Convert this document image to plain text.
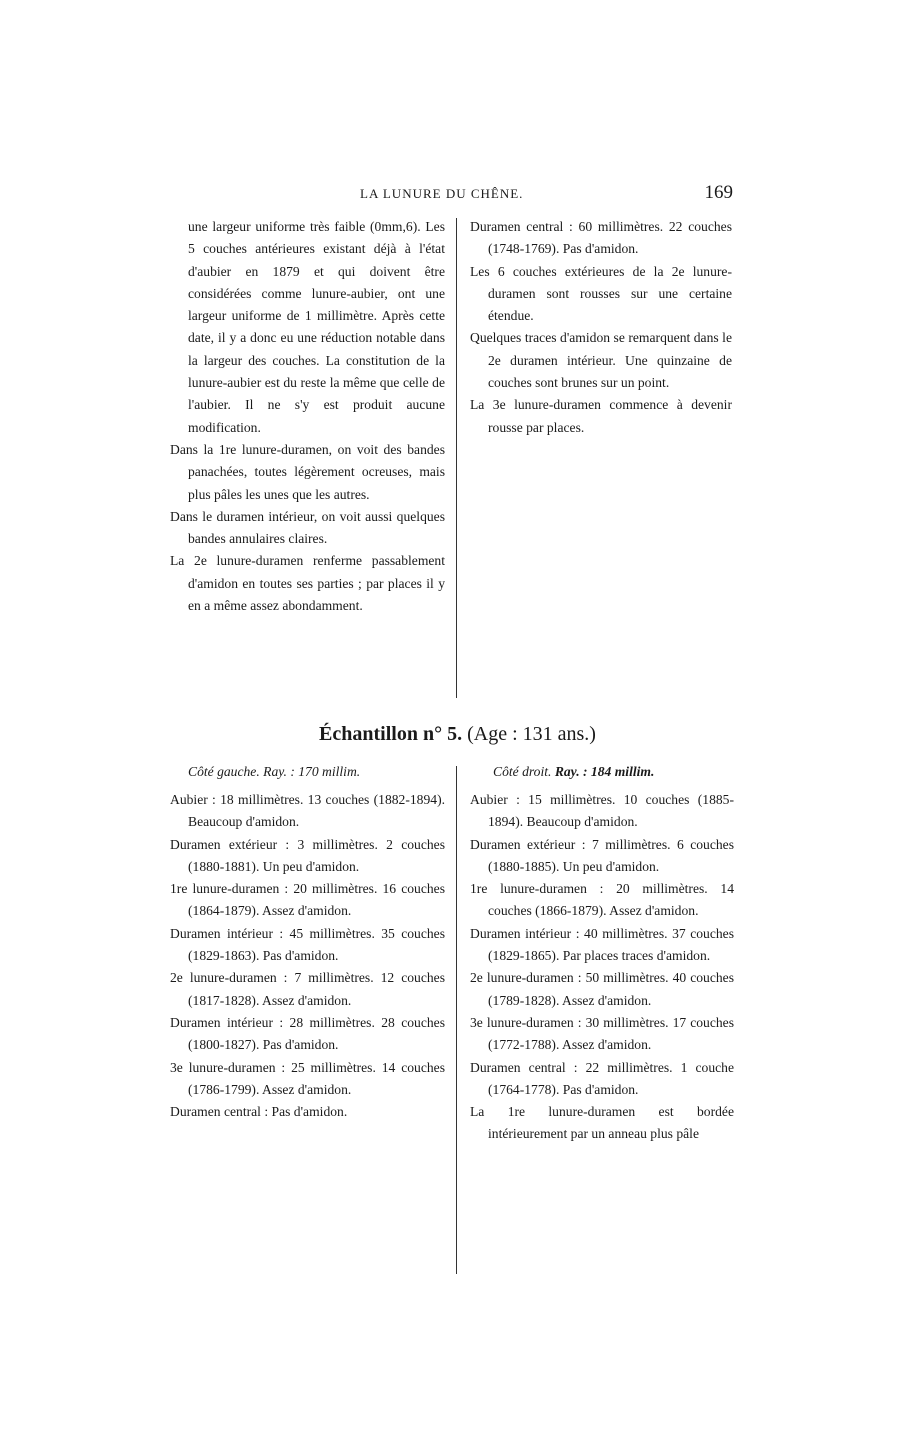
LA LUNURE DU CHÊNE.	169

une largeur uniforme très faible (0mm,6). Les 5 couches antérieures existant déjà à l'état d'aubier en 1879 et qui doivent être considérées comme lunure-aubier, ont une largeur uniforme de 1 millimètre. Après cette date, il y a donc eu une réduction notable dans la largeur des couches. La constitution de la lunure-aubier est du reste la même que celle de l'aubier. Il ne s'y est produit aucune modification.

Dans la 1re lunure-duramen, on voit des bandes panachées, toutes légèrement ocreuses, mais plus pâles les unes que les autres.

Dans le duramen intérieur, on voit aussi quelques bandes annulaires claires.

La 2e lunure-duramen renferme passablement d'amidon en toutes ses parties ; par places il y en a même assez abondamment.

Duramen central : 60 millimètres. 22 couches (1748-1769). Pas d'amidon.

Les 6 couches extérieures de la 2e lunure-duramen sont rousses sur une certaine étendue.

Quelques traces d'amidon se remarquent dans le 2e duramen intérieur. Une quinzaine de couches sont brunes sur un point.

La 3e lunure-duramen commence à devenir rousse par places.

Échantillon n° 5. (Age : 131 ans.)
Côté gauche. Ray. : 170 millim.	Côté droit. Ray. : 184 millim.

Aubier : 18 millimètres. 13 couches (1882-1894). Beaucoup d'amidon.

Duramen extérieur : 3 millimètres. 2 couches (1880-1881). Un peu d'amidon.

1re lunure-duramen : 20 millimètres. 16 couches (1864-1879). Assez d'amidon.

Duramen intérieur : 45 millimètres. 35 couches (1829-1863). Pas d'amidon.

2e lunure-duramen : 7 millimètres. 12 couches (1817-1828). Assez d'amidon.

Duramen intérieur : 28 millimètres. 28 couches (1800-1827). Pas d'amidon.

3e lunure-duramen : 25 millimètres. 14 couches (1786-1799). Assez d'amidon.

Duramen central : Pas d'amidon.

Aubier : 15 millimètres. 10 couches (1885-1894). Beaucoup d'amidon.

Duramen extérieur : 7 millimètres. 6 couches (1880-1885). Un peu d'amidon.

1re lunure-duramen : 20 millimètres. 14 couches (1866-1879). Assez d'amidon.

Duramen intérieur : 40 millimètres. 37 couches (1829-1865). Par places traces d'amidon.

2e lunure-duramen : 50 millimètres. 40 couches (1789-1828). Assez d'amidon.

3e lunure-duramen : 30 millimètres. 17 couches (1772-1788). Assez d'amidon.

Duramen central : 22 millimètres. 1 couche (1764-1778). Pas d'amidon.

La 1re lunure-duramen est bordée intérieurement par un anneau plus pâle
